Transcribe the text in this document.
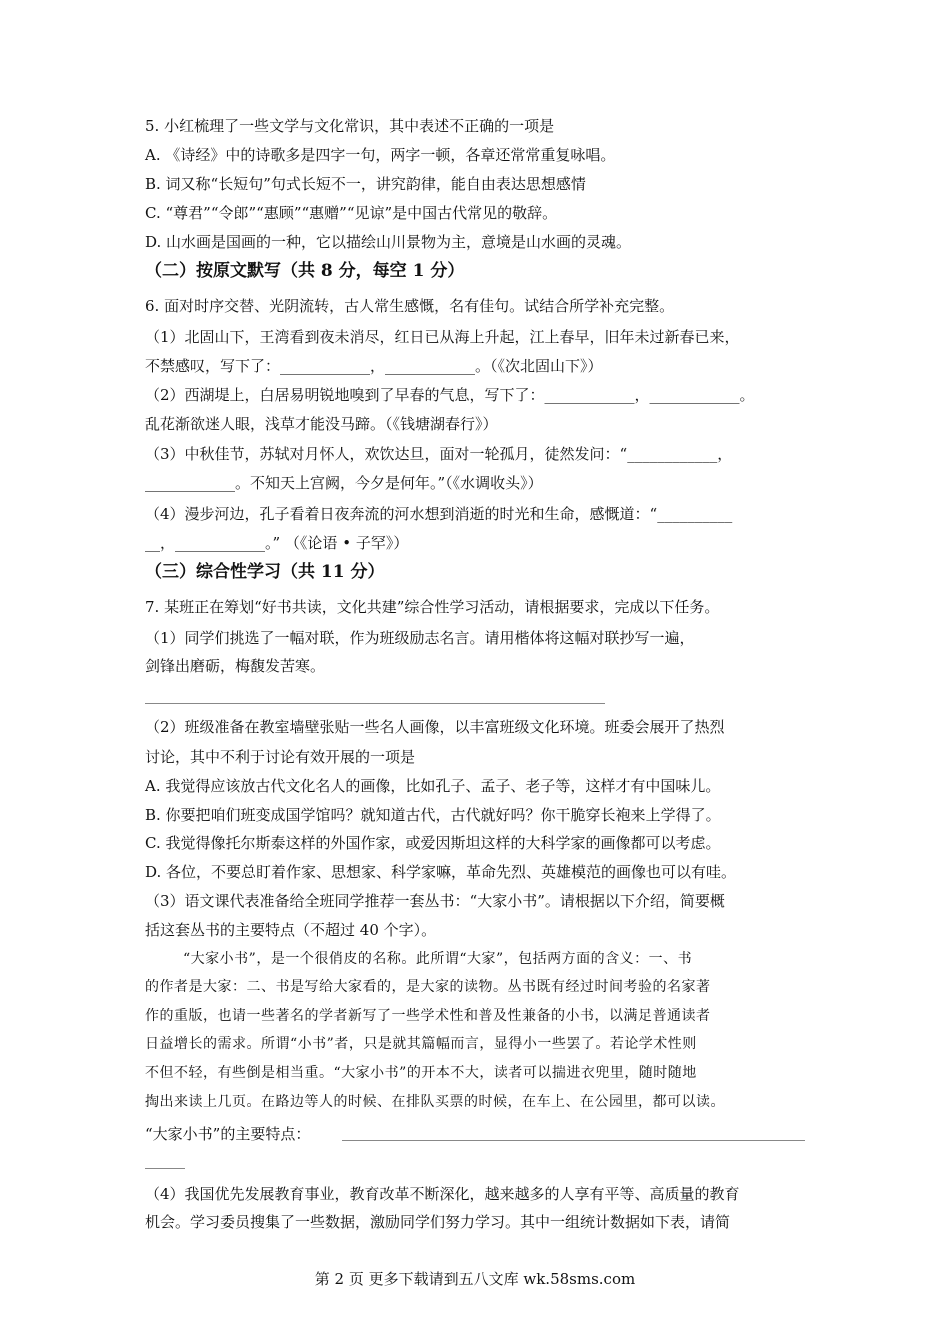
5. 小红梳理了一些文学与文化常识，其中表述不正确的一项是
A. 《诗经》中的诗歌多是四字一句，两字一顿，各章还常常重复咏唱。
B. 词又称“长短句”句式长短不一，讲究韵律，能自由表达思想感情
C. “尊君”“令郎”“惠顾”“惠赠”“见谅”是中国古代常见的敬辞。
D. 山水画是国画的一种，它以描绘山川景物为主，意境是山水画的灵魂。
（二）按原文默写（共 8 分，每空 1 分）
6. 面对时序交替、光阴流转，古人常生感慨，名有佳句。试结合所学补充完整。
（1）北固山下，王湾看到夜未消尽，红日已从海上升起，江上春早，旧年未过新春已来，
不禁感叹，写下了：____________，____________。（《次北固山下》）
（2）西湖堤上，白居易明锐地嗅到了早春的气息，写下了：____________，____________。
乱花渐欲迷人眼，浅草才能没马蹄。（《钱塘湖春行》）
（3）中秋佳节，苏轼对月怀人，欢饮达旦，面对一轮孤月，徒然发问：“____________，
____________。不知天上宫阙，今夕是何年。”（《水调收头》）
（4）漫步河边，孔子看着日夜奔流的河水想到消逝的时光和生命，感慨道：“__________
__，____________。” （《论语 • 子罕》）
（三）综合性学习（共 11 分）
7. 某班正在筹划“好书共读，文化共建”综合性学习活动，请根据要求，完成以下任务。
（1）同学们挑选了一幅对联，作为班级励志名言。请用楷体将这幅对联抄写一遍，
剑锋出磨砺，梅馥发苦寒。
（2）班级准备在教室墙壁张贴一些名人画像，以丰富班级文化环境。班委会展开了热烈
讨论，其中不利于讨论有效开展的一项是
A. 我觉得应该放古代文化名人的画像，比如孔子、孟子、老子等，这样才有中国味儿。
B. 你要把咱们班变成国学馆吗？就知道古代，古代就好吗？你干脆穿长袍来上学得了。
C. 我觉得像托尔斯泰这样的外国作家，或爱因斯坦这样的大科学家的画像都可以考虑。
D. 各位，不要总盯着作家、思想家、科学家嘛，革命先烈、英雄模范的画像也可以有哇。
（3）语文课代表准备给全班同学推荐一套丛书：“大家小书”。请根据以下介绍，简要概
括这套丛书的主要特点（不超过 40 个字）。
“大家小书”，是一个很俏皮的名称。此所谓“大家”，包括两方面的含义：一、书
的作者是大家：二、书是写给大家看的，是大家的读物。丛书既有经过时间考验的名家著
作的重版，也请一些著名的学者新写了一些学术性和普及性兼备的小书，以满足普通读者
日益增长的需求。所谓“小书”者，只是就其篇幅而言，显得小一些罢了。若论学术性则
不但不轻，有些倒是相当重。“大家小书”的开本不大，读者可以揣进衣兜里，随时随地
掏出来读上几页。在路边等人的时候、在排队买票的时候，在车上、在公园里，都可以读。
“大家小书”的主要特点：
（4）我国优先发展教育事业，教育改革不断深化，越来越多的人享有平等、高质量的教育
机会。学习委员搜集了一些数据，激励同学们努力学习。其中一组统计数据如下表，请简
第 2 页 更多下载请到五八文库 wk.58sms.com
